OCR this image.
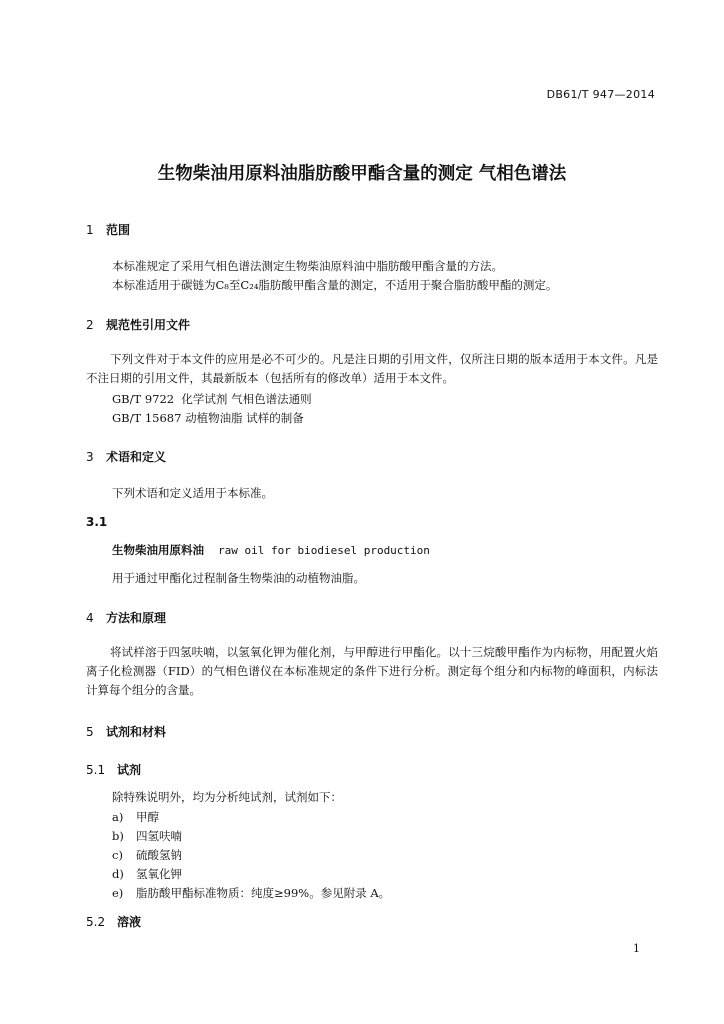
DB61/T 947—2014
生物柴油用原料油脂肪酸甲酯含量的测定 气相色谱法
1 范围
本标准规定了采用气相色谱法测定生物柴油原料油中脂肪酸甲酯含量的方法。
本标准适用于碳链为C₈至C₂₄脂肪酸甲酯含量的测定，不适用于聚合脂肪酸甲酯的测定。
2 规范性引用文件
下列文件对于本文件的应用是必不可少的。凡是注日期的引用文件，仅所注日期的版本适用于本文件。凡是不注日期的引用文件，其最新版本（包括所有的修改单）适用于本文件。
GB/T 9722  化学试剂 气相色谱法通则
GB/T 15687 动植物油脂 试样的制备
3 术语和定义
下列术语和定义适用于本标准。
3.1
生物柴油用原料油 raw oil for biodiesel production
用于通过甲酯化过程制备生物柴油的动植物油脂。
4 方法和原理
将试样溶于四氢呋喃，以氢氧化钾为催化剂，与甲醇进行甲酯化。以十三烷酸甲酯作为内标物，用配置火焰离子化检测器（FID）的气相色谱仪在本标准规定的条件下进行分析。测定每个组分和内标物的峰面积，内标法计算每个组分的含量。
5 试剂和材料
5.1 试剂
除特殊说明外，均为分析纯试剂，试剂如下：
a) 甲醇
b) 四氢呋喃
c) 硫酸氢钠
d) 氢氧化钾
e) 脂肪酸甲酯标准物质：纯度≥99%。参见附录 A。
5.2 溶液
1
